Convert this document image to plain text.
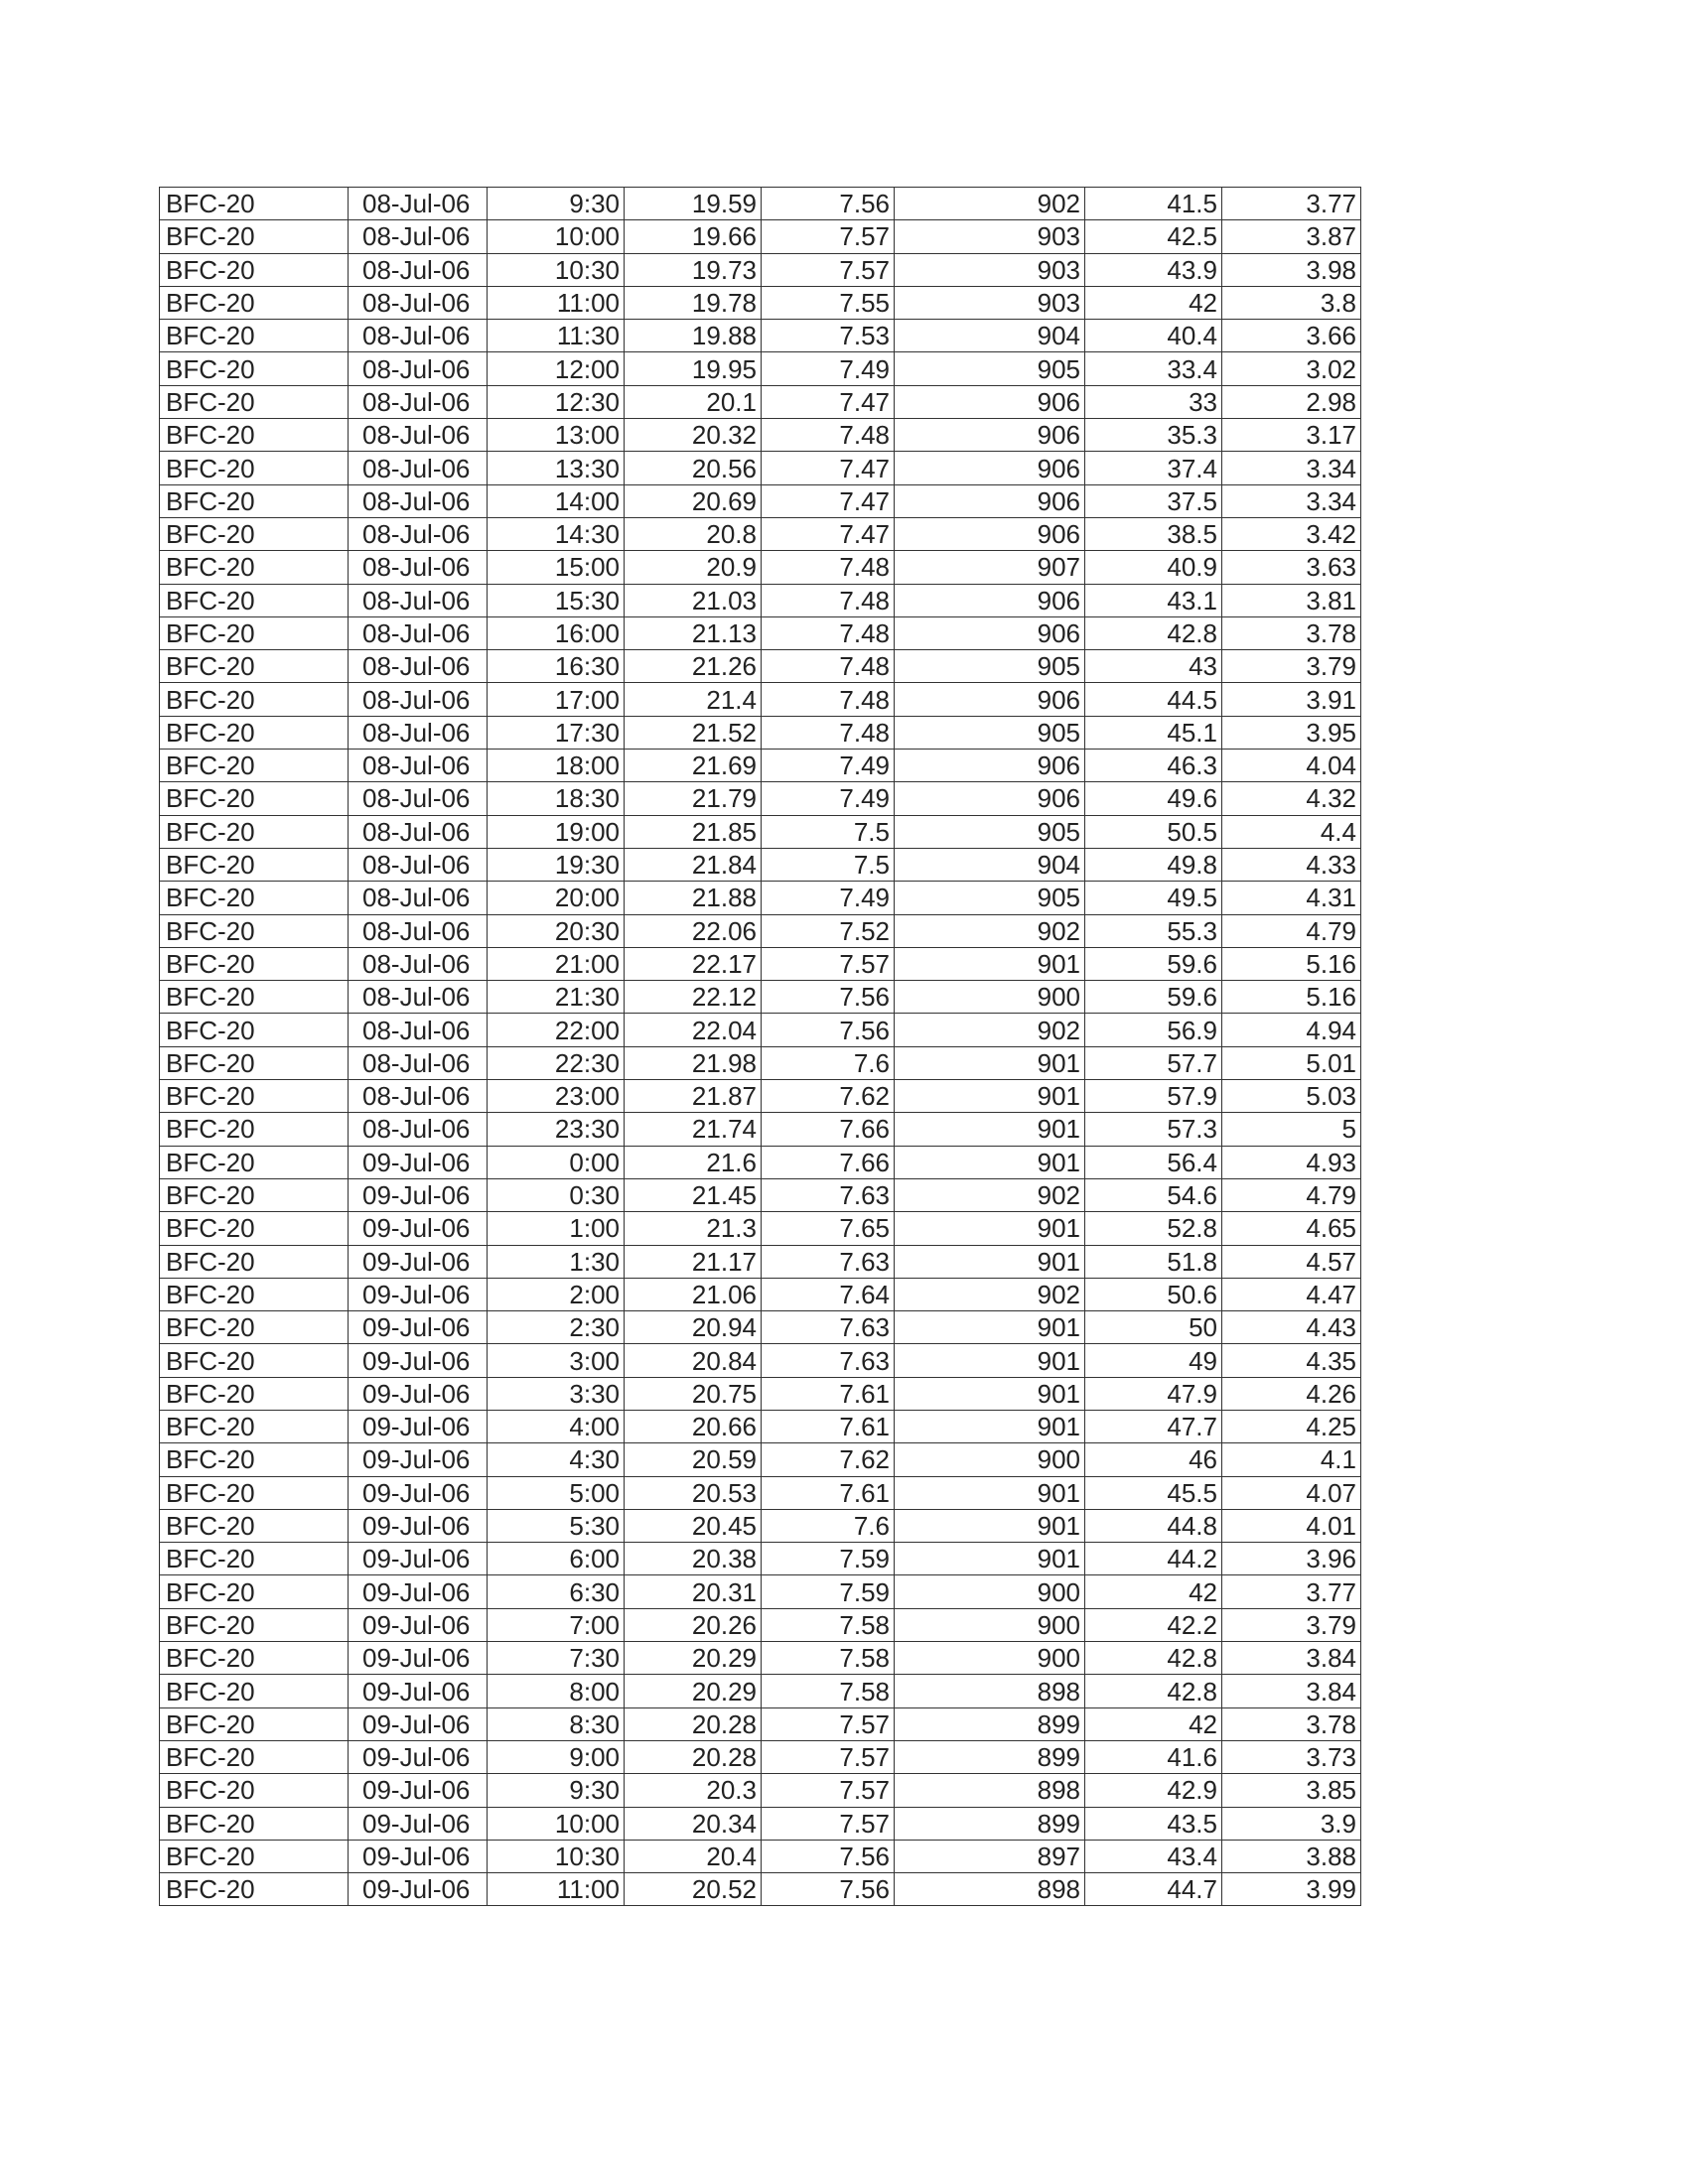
BFC-20	08-Jul-06	9:30	19.59	7.56	902	41.5	3.77
BFC-20	08-Jul-06	10:00	19.66	7.57	903	42.5	3.87
BFC-20	08-Jul-06	10:30	19.73	7.57	903	43.9	3.98
BFC-20	08-Jul-06	11:00	19.78	7.55	903	42	3.8
BFC-20	08-Jul-06	11:30	19.88	7.53	904	40.4	3.66
BFC-20	08-Jul-06	12:00	19.95	7.49	905	33.4	3.02
BFC-20	08-Jul-06	12:30	20.1	7.47	906	33	2.98
BFC-20	08-Jul-06	13:00	20.32	7.48	906	35.3	3.17
BFC-20	08-Jul-06	13:30	20.56	7.47	906	37.4	3.34
BFC-20	08-Jul-06	14:00	20.69	7.47	906	37.5	3.34
BFC-20	08-Jul-06	14:30	20.8	7.47	906	38.5	3.42
BFC-20	08-Jul-06	15:00	20.9	7.48	907	40.9	3.63
BFC-20	08-Jul-06	15:30	21.03	7.48	906	43.1	3.81
BFC-20	08-Jul-06	16:00	21.13	7.48	906	42.8	3.78
BFC-20	08-Jul-06	16:30	21.26	7.48	905	43	3.79
BFC-20	08-Jul-06	17:00	21.4	7.48	906	44.5	3.91
BFC-20	08-Jul-06	17:30	21.52	7.48	905	45.1	3.95
BFC-20	08-Jul-06	18:00	21.69	7.49	906	46.3	4.04
BFC-20	08-Jul-06	18:30	21.79	7.49	906	49.6	4.32
BFC-20	08-Jul-06	19:00	21.85	7.5	905	50.5	4.4
BFC-20	08-Jul-06	19:30	21.84	7.5	904	49.8	4.33
BFC-20	08-Jul-06	20:00	21.88	7.49	905	49.5	4.31
BFC-20	08-Jul-06	20:30	22.06	7.52	902	55.3	4.79
BFC-20	08-Jul-06	21:00	22.17	7.57	901	59.6	5.16
BFC-20	08-Jul-06	21:30	22.12	7.56	900	59.6	5.16
BFC-20	08-Jul-06	22:00	22.04	7.56	902	56.9	4.94
BFC-20	08-Jul-06	22:30	21.98	7.6	901	57.7	5.01
BFC-20	08-Jul-06	23:00	21.87	7.62	901	57.9	5.03
BFC-20	08-Jul-06	23:30	21.74	7.66	901	57.3	5
BFC-20	09-Jul-06	0:00	21.6	7.66	901	56.4	4.93
BFC-20	09-Jul-06	0:30	21.45	7.63	902	54.6	4.79
BFC-20	09-Jul-06	1:00	21.3	7.65	901	52.8	4.65
BFC-20	09-Jul-06	1:30	21.17	7.63	901	51.8	4.57
BFC-20	09-Jul-06	2:00	21.06	7.64	902	50.6	4.47
BFC-20	09-Jul-06	2:30	20.94	7.63	901	50	4.43
BFC-20	09-Jul-06	3:00	20.84	7.63	901	49	4.35
BFC-20	09-Jul-06	3:30	20.75	7.61	901	47.9	4.26
BFC-20	09-Jul-06	4:00	20.66	7.61	901	47.7	4.25
BFC-20	09-Jul-06	4:30	20.59	7.62	900	46	4.1
BFC-20	09-Jul-06	5:00	20.53	7.61	901	45.5	4.07
BFC-20	09-Jul-06	5:30	20.45	7.6	901	44.8	4.01
BFC-20	09-Jul-06	6:00	20.38	7.59	901	44.2	3.96
BFC-20	09-Jul-06	6:30	20.31	7.59	900	42	3.77
BFC-20	09-Jul-06	7:00	20.26	7.58	900	42.2	3.79
BFC-20	09-Jul-06	7:30	20.29	7.58	900	42.8	3.84
BFC-20	09-Jul-06	8:00	20.29	7.58	898	42.8	3.84
BFC-20	09-Jul-06	8:30	20.28	7.57	899	42	3.78
BFC-20	09-Jul-06	9:00	20.28	7.57	899	41.6	3.73
BFC-20	09-Jul-06	9:30	20.3	7.57	898	42.9	3.85
BFC-20	09-Jul-06	10:00	20.34	7.57	899	43.5	3.9
BFC-20	09-Jul-06	10:30	20.4	7.56	897	43.4	3.88
BFC-20	09-Jul-06	11:00	20.52	7.56	898	44.7	3.99
